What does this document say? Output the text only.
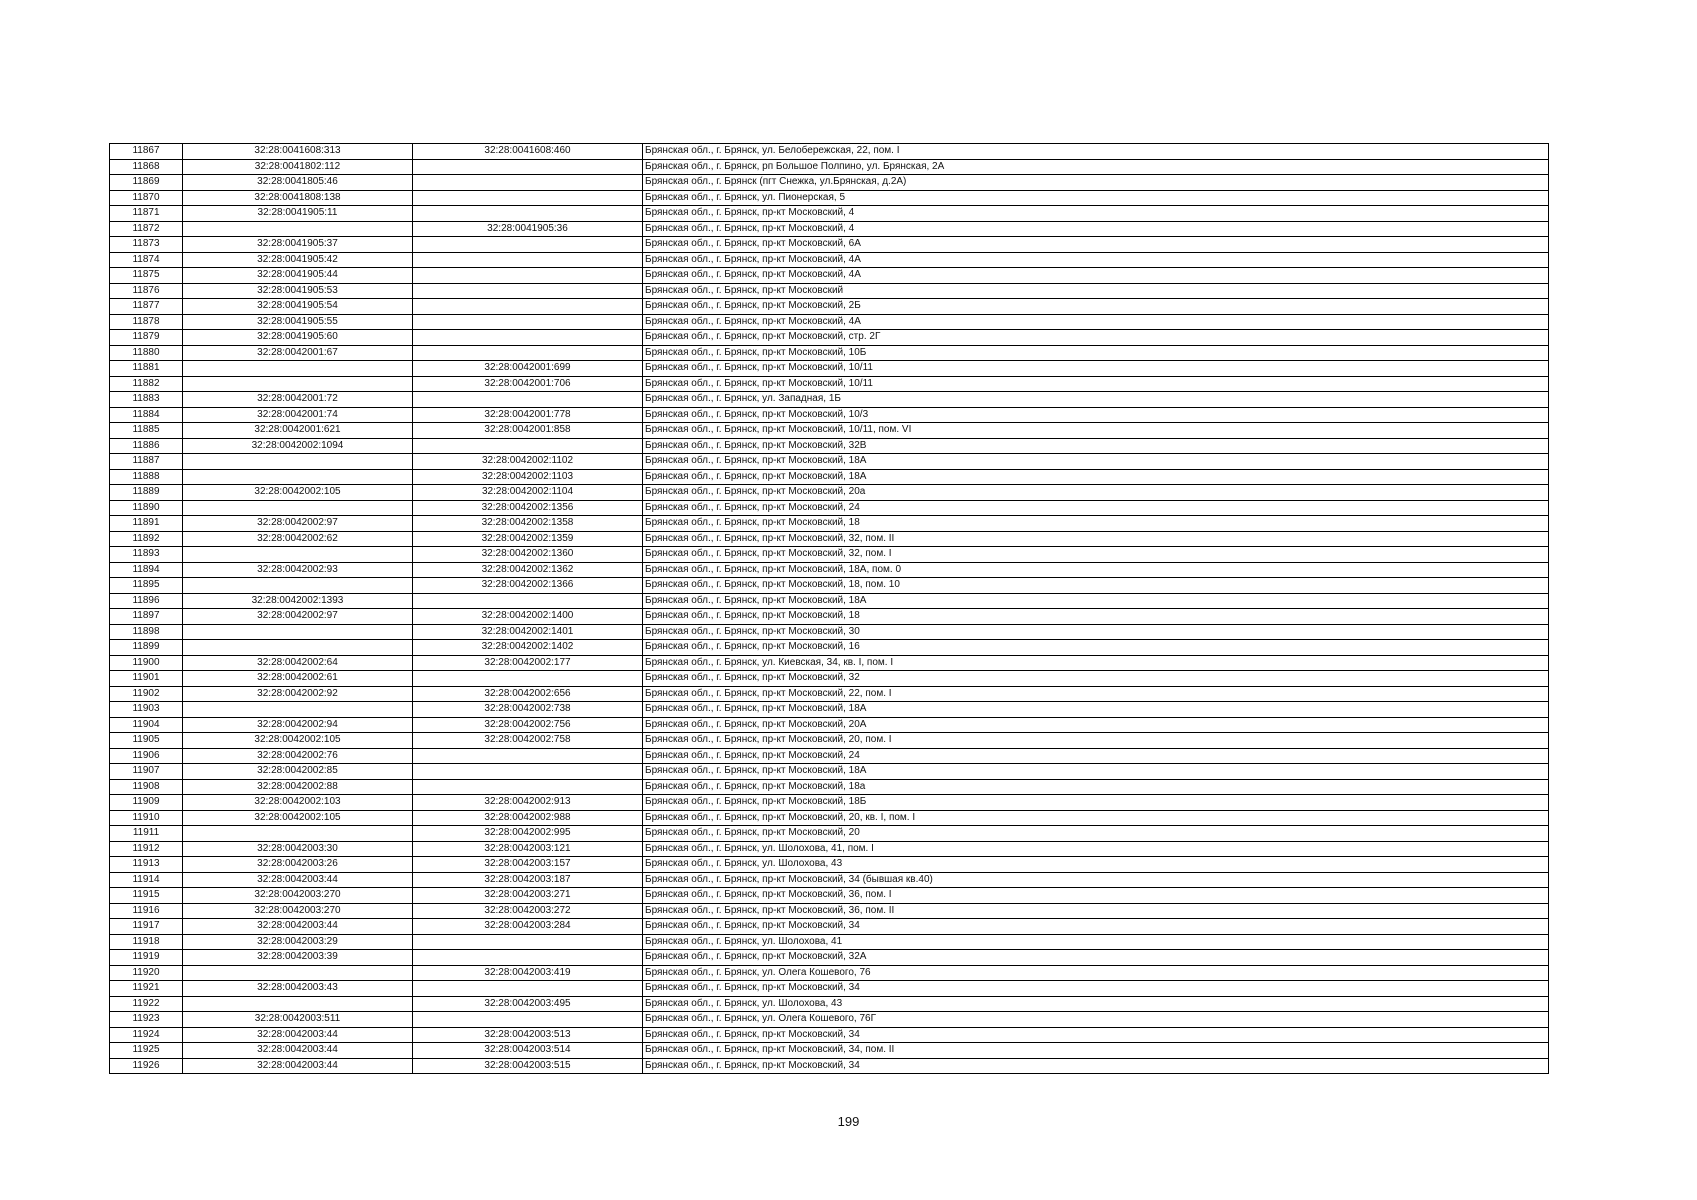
11867	32:28:0041608:313	32:28:0041608:460	Брянская обл., г. Брянск, ул. Белобережская, 22, пом. I
11868	32:28:0041802:112		Брянская обл., г. Брянск, рп Большое Полпино, ул. Брянская, 2А
11869	32:28:0041805:46		Брянская обл., г. Брянск (пгт Снежка, ул.Брянская, д.2А)
11870	32:28:0041808:138		Брянская обл., г. Брянск, ул. Пионерская, 5
11871	32:28:0041905:11		Брянская обл., г. Брянск, пр-кт Московский, 4
11872		32:28:0041905:36	Брянская обл., г. Брянск, пр-кт Московский, 4
11873	32:28:0041905:37		Брянская обл., г. Брянск, пр-кт Московский, 6А
11874	32:28:0041905:42		Брянская обл., г. Брянск, пр-кт Московский, 4А
11875	32:28:0041905:44		Брянская обл., г. Брянск, пр-кт Московский, 4А
11876	32:28:0041905:53		Брянская обл., г. Брянск, пр-кт Московский
11877	32:28:0041905:54		Брянская обл., г. Брянск, пр-кт Московский, 2Б
11878	32:28:0041905:55		Брянская обл., г. Брянск, пр-кт Московский, 4А
11879	32:28:0041905:60		Брянская обл., г. Брянск, пр-кт Московский, стр. 2Г
11880	32:28:0042001:67		Брянская обл., г. Брянск, пр-кт Московский, 10Б
11881		32:28:0042001:699	Брянская обл., г. Брянск, пр-кт Московский, 10/11
11882		32:28:0042001:706	Брянская обл., г. Брянск, пр-кт Московский, 10/11
11883	32:28:0042001:72		Брянская обл., г. Брянск, ул. Западная, 1Б
11884	32:28:0042001:74	32:28:0042001:778	Брянская обл., г. Брянск, пр-кт Московский, 10/3
11885	32:28:0042001:621	32:28:0042001:858	Брянская обл., г. Брянск, пр-кт Московский, 10/11, пом. VI
11886	32:28:0042002:1094		Брянская обл., г. Брянск, пр-кт Московский, 32В
11887		32:28:0042002:1102	Брянская обл., г. Брянск, пр-кт Московский, 18А
11888		32:28:0042002:1103	Брянская обл., г. Брянск, пр-кт Московский, 18А
11889	32:28:0042002:105	32:28:0042002:1104	Брянская обл., г. Брянск, пр-кт Московский, 20а
11890		32:28:0042002:1356	Брянская обл., г. Брянск, пр-кт Московский, 24
11891	32:28:0042002:97	32:28:0042002:1358	Брянская обл., г. Брянск, пр-кт Московский, 18
11892	32:28:0042002:62	32:28:0042002:1359	Брянская обл., г. Брянск, пр-кт Московский, 32, пом. II
11893		32:28:0042002:1360	Брянская обл., г. Брянск, пр-кт Московский, 32, пом. I
11894	32:28:0042002:93	32:28:0042002:1362	Брянская обл., г. Брянск, пр-кт Московский, 18А, пом. 0
11895		32:28:0042002:1366	Брянская обл., г. Брянск, пр-кт Московский, 18, пом. 10
11896	32:28:0042002:1393		Брянская обл., г. Брянск, пр-кт Московский, 18А
11897	32:28:0042002:97	32:28:0042002:1400	Брянская обл., г. Брянск, пр-кт Московский, 18
11898		32:28:0042002:1401	Брянская обл., г. Брянск, пр-кт Московский, 30
11899		32:28:0042002:1402	Брянская обл., г. Брянск, пр-кт Московский, 16
11900	32:28:0042002:64	32:28:0042002:177	Брянская обл., г. Брянск, ул. Киевская, 34, кв. I, пом. I
11901	32:28:0042002:61		Брянская обл., г. Брянск, пр-кт Московский, 32
11902	32:28:0042002:92	32:28:0042002:656	Брянская обл., г. Брянск, пр-кт Московский, 22, пом. I
11903		32:28:0042002:738	Брянская обл., г. Брянск, пр-кт Московский, 18А
11904	32:28:0042002:94	32:28:0042002:756	Брянская обл., г. Брянск, пр-кт Московский, 20А
11905	32:28:0042002:105	32:28:0042002:758	Брянская обл., г. Брянск, пр-кт Московский, 20, пом. I
11906	32:28:0042002:76		Брянская обл., г. Брянск, пр-кт Московский, 24
11907	32:28:0042002:85		Брянская обл., г. Брянск, пр-кт Московский, 18А
11908	32:28:0042002:88		Брянская обл., г. Брянск, пр-кт Московский, 18а
11909	32:28:0042002:103	32:28:0042002:913	Брянская обл., г. Брянск, пр-кт Московский, 18Б
11910	32:28:0042002:105	32:28:0042002:988	Брянская обл., г. Брянск, пр-кт Московский, 20, кв. I, пом. I
11911		32:28:0042002:995	Брянская обл., г. Брянск, пр-кт Московский, 20
11912	32:28:0042003:30	32:28:0042003:121	Брянская обл., г. Брянск, ул. Шолохова, 41, пом. I
11913	32:28:0042003:26	32:28:0042003:157	Брянская обл., г. Брянск, ул. Шолохова, 43
11914	32:28:0042003:44	32:28:0042003:187	Брянская обл., г. Брянск, пр-кт Московский, 34 (бывшая кв.40)
11915	32:28:0042003:270	32:28:0042003:271	Брянская обл., г. Брянск, пр-кт Московский, 36, пом. I
11916	32:28:0042003:270	32:28:0042003:272	Брянская обл., г. Брянск, пр-кт Московский, 36, пом. II
11917	32:28:0042003:44	32:28:0042003:284	Брянская обл., г. Брянск, пр-кт Московский, 34
11918	32:28:0042003:29		Брянская обл., г. Брянск, ул. Шолохова, 41
11919	32:28:0042003:39		Брянская обл., г. Брянск, пр-кт Московский, 32А
11920		32:28:0042003:419	Брянская обл., г. Брянск, ул. Олега Кошевого, 76
11921	32:28:0042003:43		Брянская обл., г. Брянск, пр-кт Московский, 34
11922		32:28:0042003:495	Брянская обл., г. Брянск, ул. Шолохова, 43
11923	32:28:0042003:511		Брянская обл., г. Брянск, ул. Олега Кошевого, 76Г
11924	32:28:0042003:44	32:28:0042003:513	Брянская обл., г. Брянск, пр-кт Московский, 34
11925	32:28:0042003:44	32:28:0042003:514	Брянская обл., г. Брянск, пр-кт Московский, 34, пом. II
11926	32:28:0042003:44	32:28:0042003:515	Брянская обл., г. Брянск, пр-кт Московский, 34
199
